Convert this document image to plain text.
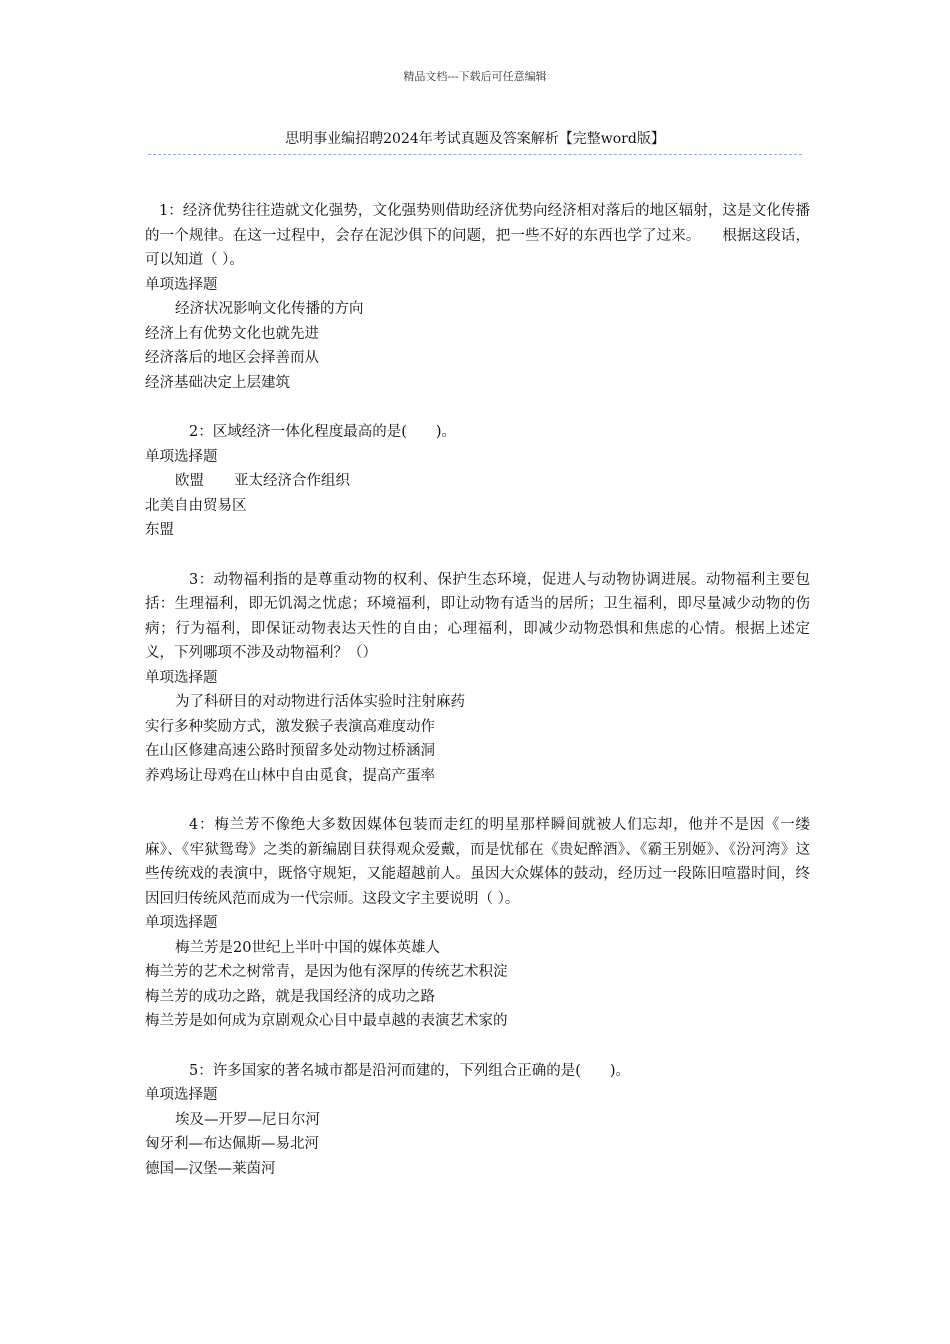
精品文档---下载后可任意编辑
思明事业编招聘2024年考试真题及答案解析【完整word版】

1：经济优势往往造就文化强势，文化强势则借助经济优势向经济相对落后的地区辐射，这是文化传播的一个规律。在这一过程中，会存在泥沙俱下的问题，把一些不好的东西也学了过来。　　根据这段话，可以知道（ ）。

单项选择题

经济状况影响文化传播的方向

经济上有优势文化也就先进

经济落后的地区会择善而从

经济基础决定上层建筑

2：区域经济一体化程度最高的是(　　)。

单项选择题

欧盟 亚太经济合作组织

北美自由贸易区

东盟

3：动物福利指的是尊重动物的权利、保护生态环境，促进人与动物协调进展。动物福利主要包括：生理福利，即无饥渴之忧虑；环境福利，即让动物有适当的居所；卫生福利，即尽量减少动物的伤病；行为福利，即保证动物表达天性的自由；心理福利，即减少动物恐惧和焦虑的心情。根据上述定义，下列哪项不涉及动物福利？（）

单项选择题

为了科研目的对动物进行活体实验时注射麻药

实行多种奖励方式，激发猴子表演高难度动作

在山区修建高速公路时预留多处动物过桥涵洞

养鸡场让母鸡在山林中自由觅食，提高产蛋率

4：梅兰芳不像绝大多数因媒体包装而走红的明星那样瞬间就被人们忘却，他并不是因《一缕麻》、《牢狱鸳鸯》之类的新编剧目获得观众爱戴，而是忧郁在《贵妃醉酒》、《霸王别姬》、《汾河湾》这些传统戏的表演中，既恪守规矩，又能超越前人。虽因大众媒体的鼓动，经历过一段陈旧喧嚣时间，终因回归传统风范而成为一代宗师。这段文字主要说明（ ）。

单项选择题

梅兰芳是20世纪上半叶中国的媒体英雄人

梅兰芳的艺术之树常青，是因为他有深厚的传统艺术积淀

梅兰芳的成功之路，就是我国经济的成功之路

梅兰芳是如何成为京剧观众心目中最卓越的表演艺术家的

5：许多国家的著名城市都是沿河而建的，下列组合正确的是(　　)。

单项选择题

埃及—开罗—尼日尔河

匈牙利—布达佩斯—易北河

德国—汉堡—莱茵河
